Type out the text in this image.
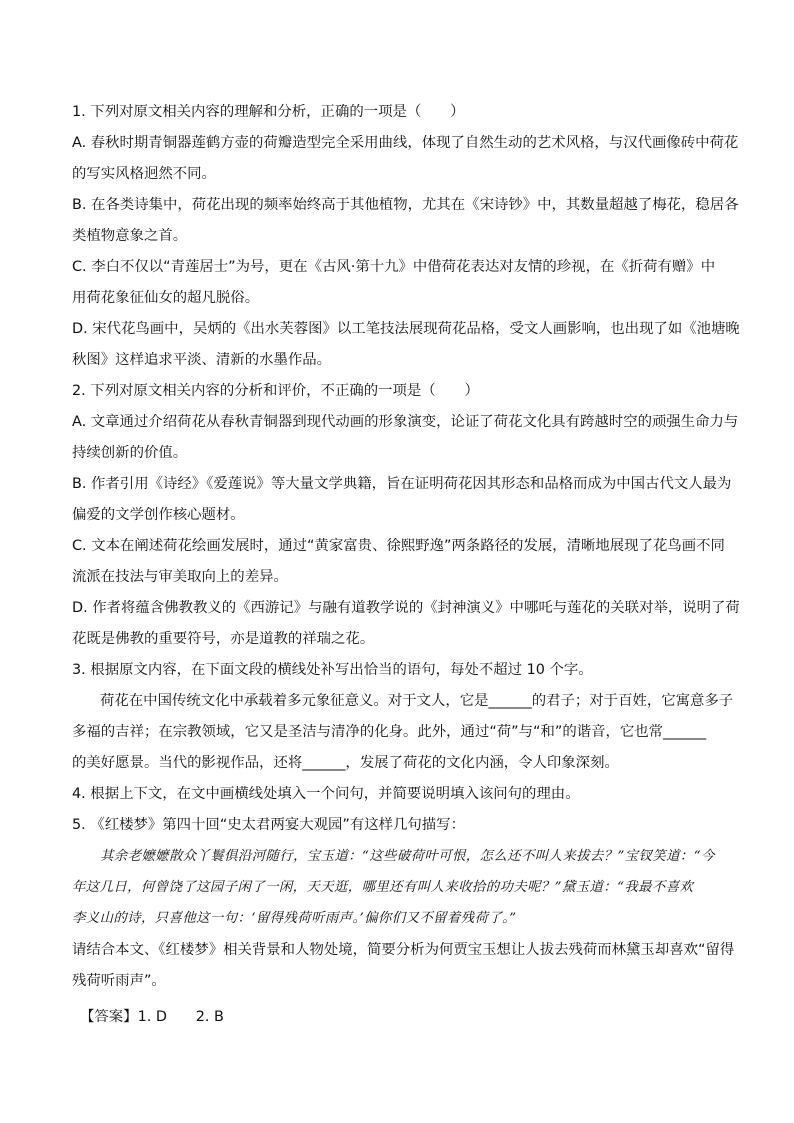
1. 下列对原文相关内容的理解和分析，正确的一项是（　　）
A. 春秋时期青铜器莲鹤方壶的荷瓣造型完全采用曲线，体现了自然生动的艺术风格，与汉代画像砖中荷花
的写实风格迥然不同。
B. 在各类诗集中，荷花出现的频率始终高于其他植物，尤其在《宋诗钞》中，其数量超越了梅花，稳居各
类植物意象之首。
C. 李白不仅以“青莲居士”为号，更在《古风·第十九》中借荷花表达对友情的珍视，在《折荷有赠》中
用荷花象征仙女的超凡脱俗。
D. 宋代花鸟画中，吴炳的《出水芙蓉图》以工笔技法展现荷花品格，受文人画影响，也出现了如《池塘晚
秋图》这样追求平淡、清新的水墨作品。
2. 下列对原文相关内容的分析和评价，不正确的一项是（　　）
A. 文章通过介绍荷花从春秋青铜器到现代动画的形象演变，论证了荷花文化具有跨越时空的顽强生命力与
持续创新的价值。
B. 作者引用《诗经》《爱莲说》等大量文学典籍，旨在证明荷花因其形态和品格而成为中国古代文人最为
偏爱的文学创作核心题材。
C. 文本在阐述荷花绘画发展时，通过“黄家富贵、徐熙野逸”两条路径的发展，清晰地展现了花鸟画不同
流派在技法与审美取向上的差异。
D. 作者将蕴含佛教教义的《西游记》与融有道教学说的《封神演义》中哪吒与莲花的关联对举，说明了荷
花既是佛教的重要符号，亦是道教的祥瑞之花。
3. 根据原文内容，在下面文段的横线处补写出恰当的语句，每处不超过 10 个字。
荷花在中国传统文化中承载着多元象征意义。对于文人，它是______的君子；对于百姓，它寓意多子
多福的吉祥；在宗教领域，它又是圣洁与清净的化身。此外，通过“荷”与“和”的谐音，它也常______
的美好愿景。当代的影视作品，还将______，发展了荷花的文化内涵，令人印象深刻。
4. 根据上下文，在文中画横线处填入一个问句，并简要说明填入该问句的理由。
5. 《红楼梦》第四十回“史太君两宴大观园”有这样几句描写：
其余老嬷嬷散众丫鬟俱沿河随行，宝玉道：“这些破荷叶可恨，怎么还不叫人来拔去？”宝钗笑道：“今
年这几日，何曾饶了这园子闲了一闲，天天逛，哪里还有叫人来收拾的功夫呢？”黛玉道：“我最不喜欢
李义山的诗，只喜他这一句：‘留得残荷听雨声。’偏你们又不留着残荷了。”
请结合本文、《红楼梦》相关背景和人物处境，简要分析为何贾宝玉想让人拔去残荷而林黛玉却喜欢“留得
残荷听雨声”。
【答案】1. D　　2. B
